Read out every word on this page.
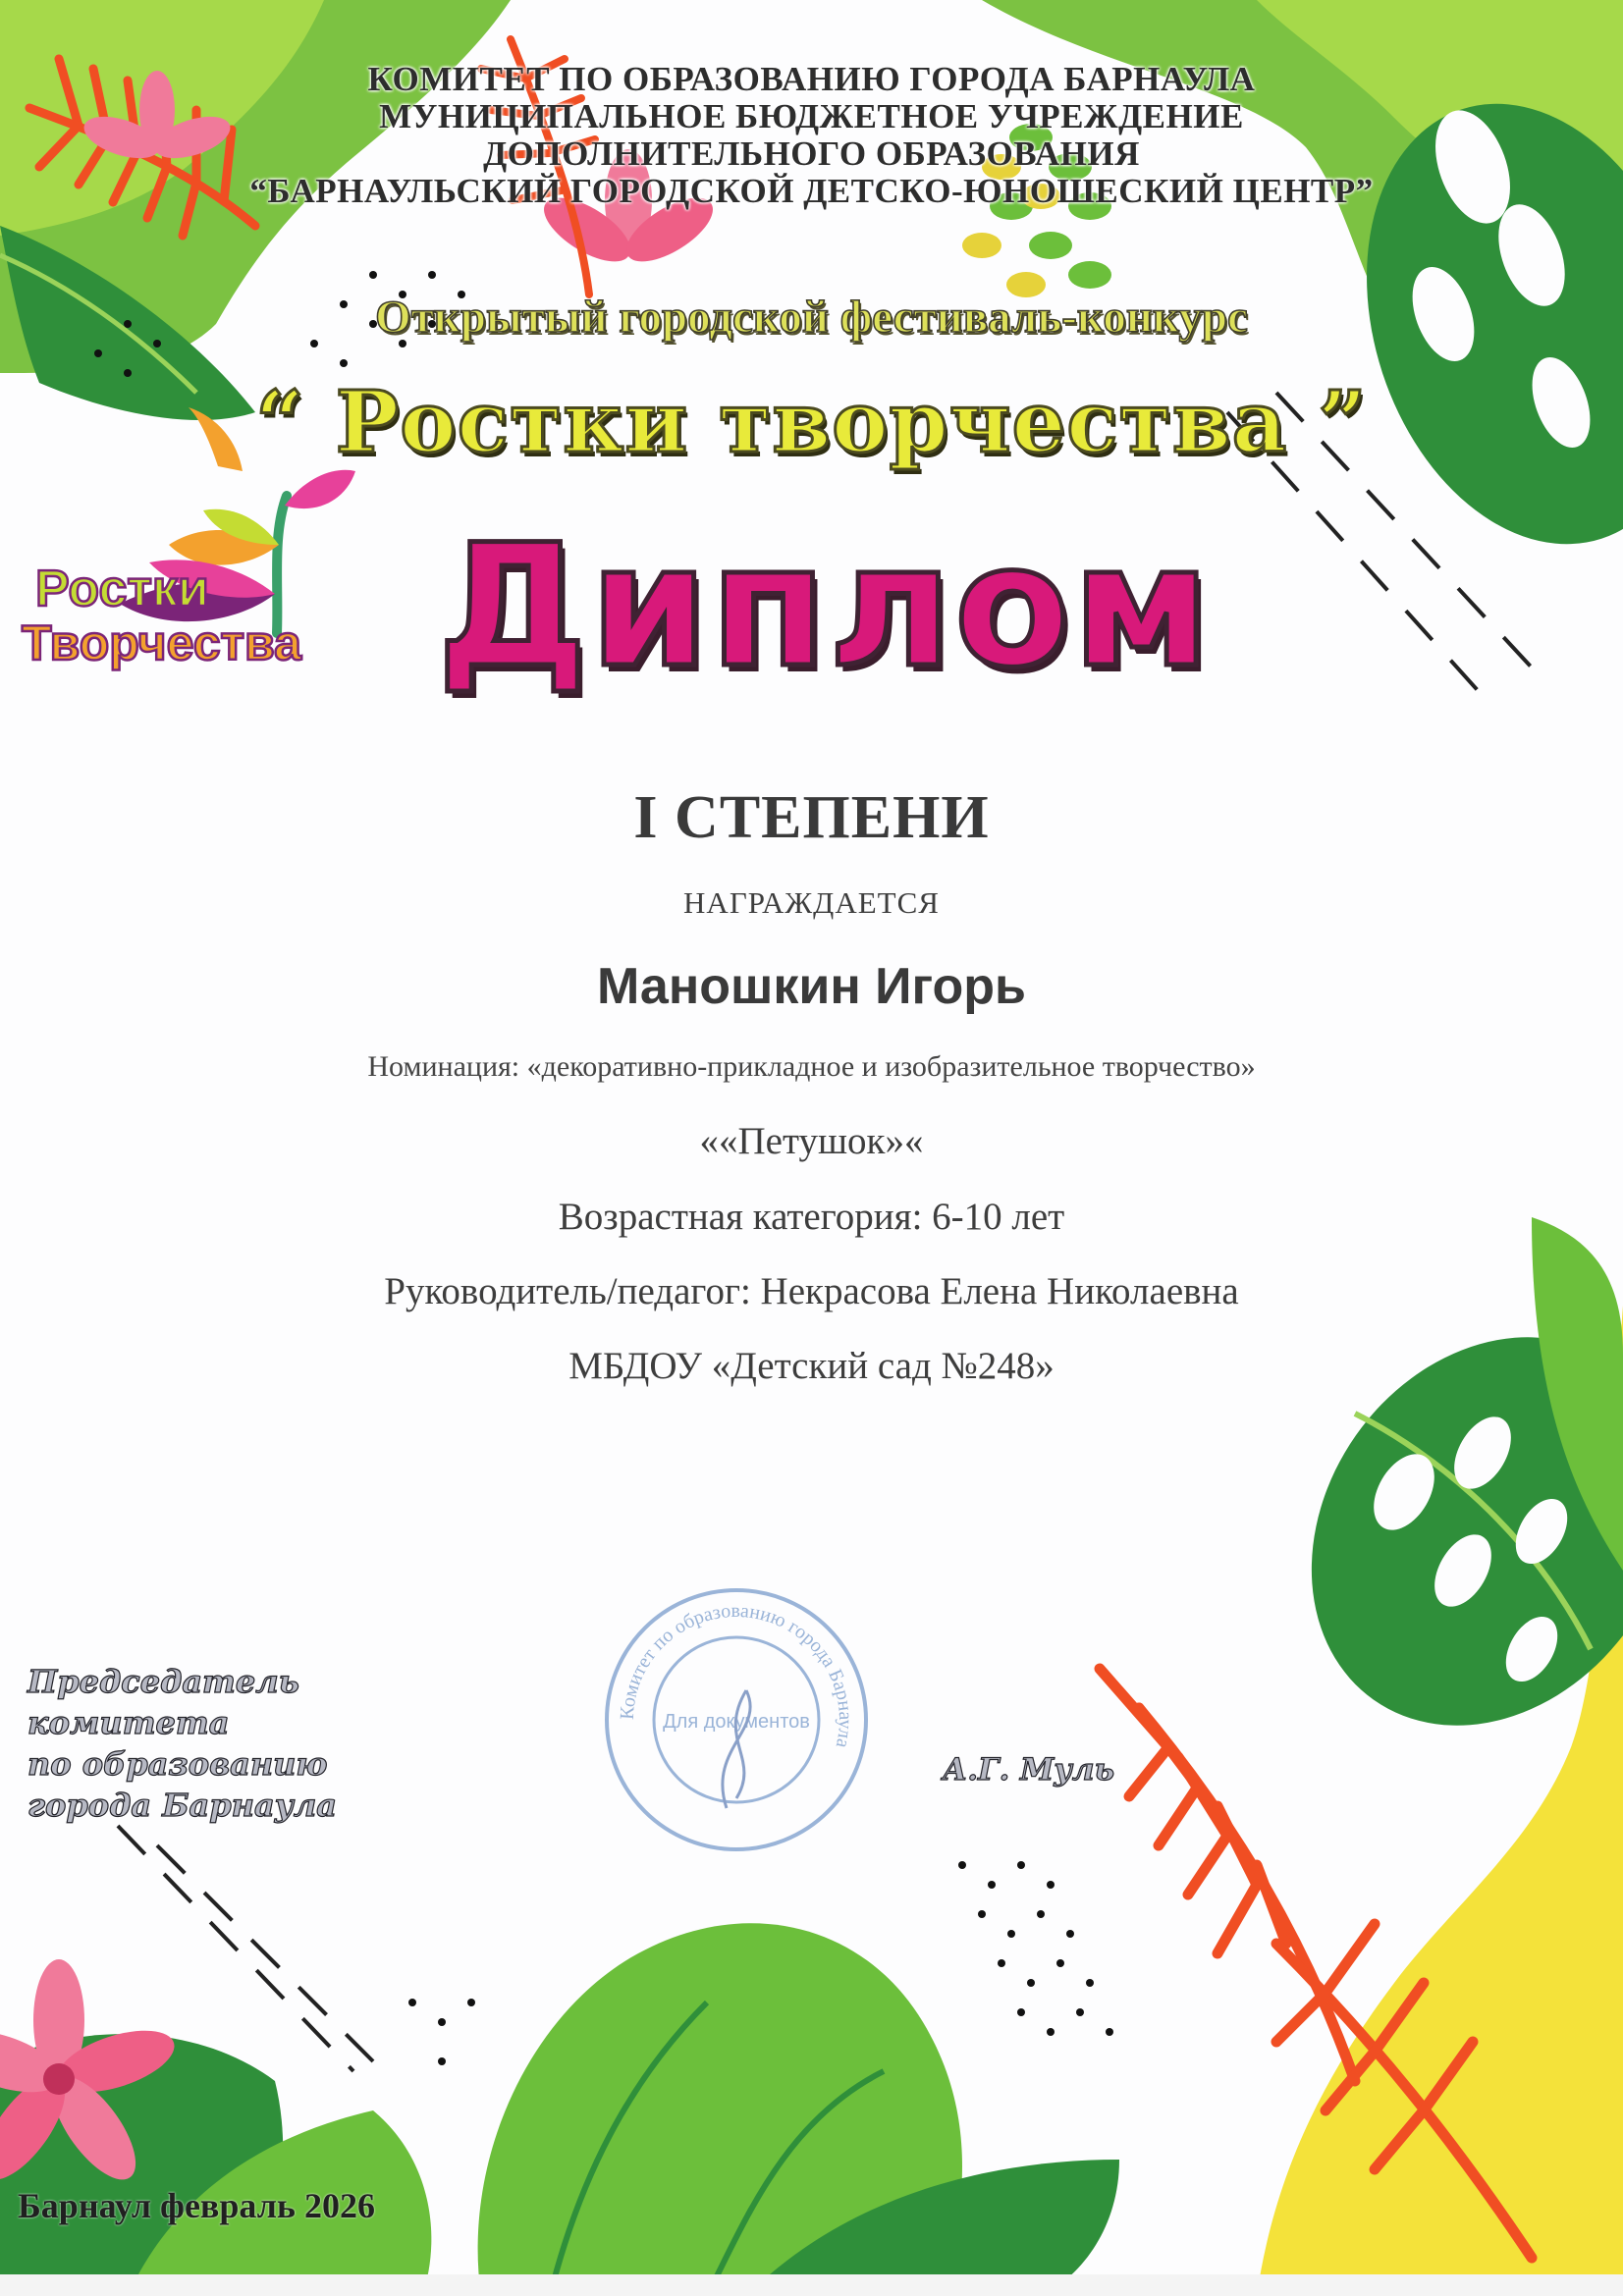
Ростки
Творчества
КОМИТЕТ ПО ОБРАЗОВАНИЮ ГОРОДА БАРНАУЛА
МУНИЦИПАЛЬНОЕ БЮДЖЕТНОЕ УЧРЕЖДЕНИЕ
ДОПОЛНИТЕЛЬНОГО ОБРАЗОВАНИЯ
“БАРНАУЛЬСКИЙ ГОРОДСКОЙ ДЕТСКО-ЮНОШЕСКИЙ ЦЕНТР”

Открытый городской фестиваль-конкурс

“ Ростки творчества ”

Диплом

I СТЕПЕНИ

НАГРАЖДАЕТСЯ

Маношкин Игорь

Номинация: «декоративно-прикладное и изобразительное творчество»

««Петушок»«

Возрастная категория: 6-10 лет

Руководитель/педагог: Некрасова Елена Николаевна

МБДОУ «Детский сад №248»

Комитет по образованию города Барнаула
Для документов
Председатель комитета
по образованию
города Барнаула

А.Г. Муль

Барнаул февраль 2026
